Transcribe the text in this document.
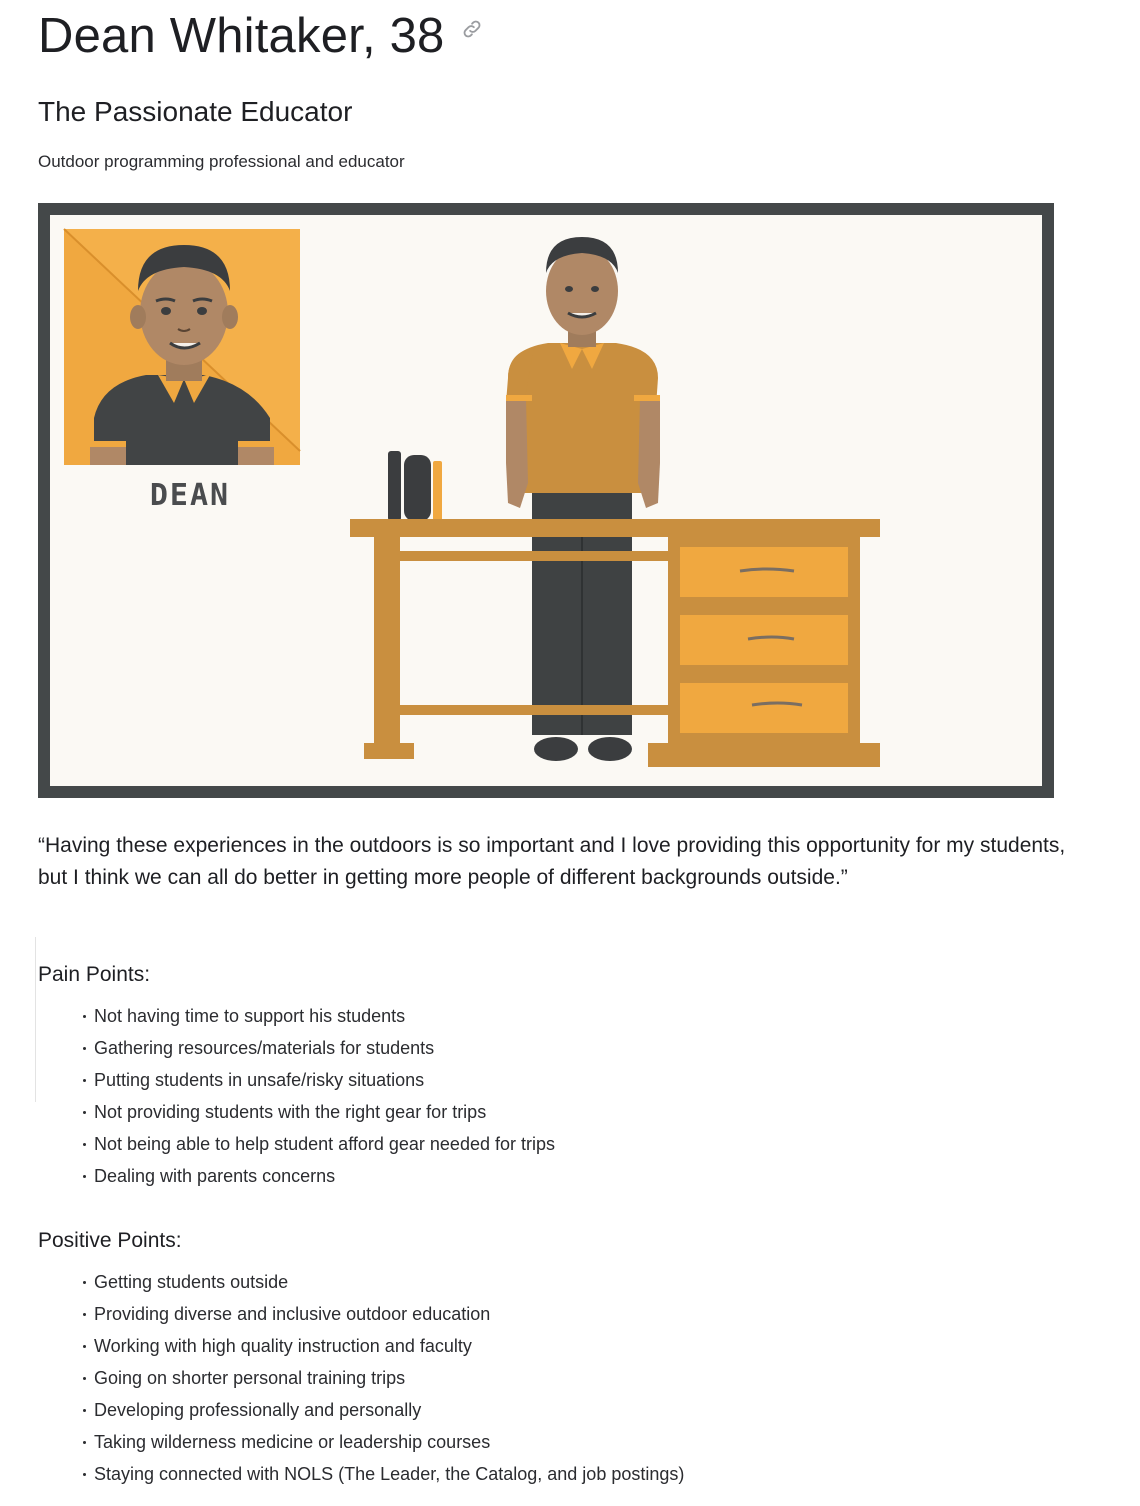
Dean Whitaker, 38
The Passionate Educator

Outdoor programming professional and educator

DEAN

“Having these experiences in the outdoors is so important and I love providing this opportunity for my students, but I think we can all do better in getting more people of different backgrounds outside.”

Pain Points:
Not having time to support his students
Gathering resources/materials for students
Putting students in unsafe/risky situations
Not providing students with the right gear for trips
Not being able to help student afford gear needed for trips
Dealing with parents concerns
Positive Points:
Getting students outside
Providing diverse and inclusive outdoor education
Working with high quality instruction and faculty
Going on shorter personal training trips
Developing professionally and personally
Taking wilderness medicine or leadership courses
Staying connected with NOLS (The Leader, the Catalog, and job postings)
